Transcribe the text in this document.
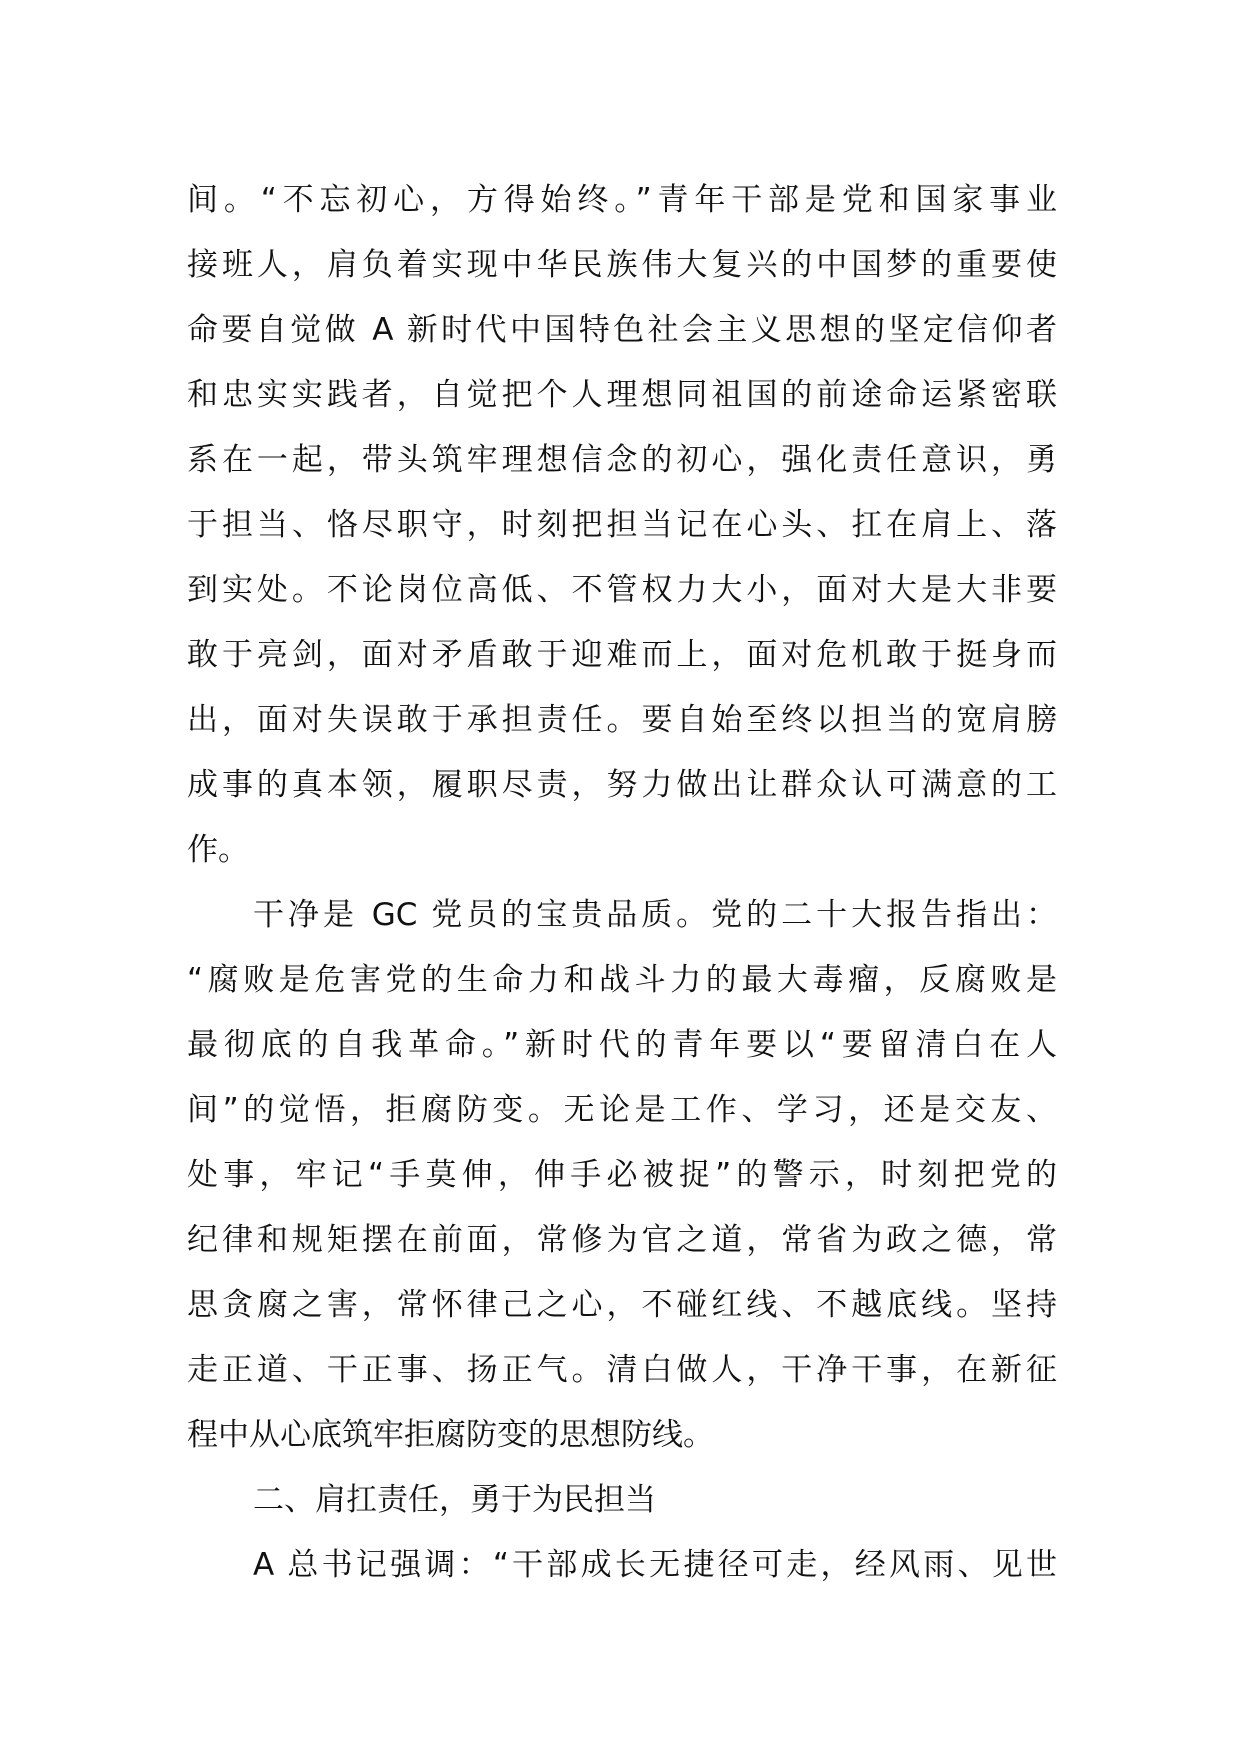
间。“不忘初心，方得始终。”青年干部是党和国家事业
接班人，肩负着实现中华民族伟大复兴的中国梦的重要使
命要自觉做 A 新时代中国特色社会主义思想的坚定信仰者
和忠实实践者，自觉把个人理想同祖国的前途命运紧密联
系在一起，带头筑牢理想信念的初心，强化责任意识，勇
于担当、恪尽职守，时刻把担当记在心头、扛在肩上、落
到实处。不论岗位高低、不管权力大小，面对大是大非要
敢于亮剑，面对矛盾敢于迎难而上，面对危机敢于挺身而
出，面对失误敢于承担责任。要自始至终以担当的宽肩膀
成事的真本领，履职尽责，努力做出让群众认可满意的工
作。
干净是 GC 党员的宝贵品质。党的二十大报告指出：
“腐败是危害党的生命力和战斗力的最大毒瘤，反腐败是
最彻底的自我革命。”新时代的青年要以“要留清白在人
间”的觉悟，拒腐防变。无论是工作、学习，还是交友、
处事，牢记“手莫伸，伸手必被捉”的警示，时刻把党的
纪律和规矩摆在前面，常修为官之道，常省为政之德，常
思贪腐之害，常怀律己之心，不碰红线、不越底线。坚持
走正道、干正事、扬正气。清白做人，干净干事，在新征
程中从心底筑牢拒腐防变的思想防线。
二、肩扛责任，勇于为民担当
A 总书记强调：“干部成长无捷径可走，经风雨、见世
